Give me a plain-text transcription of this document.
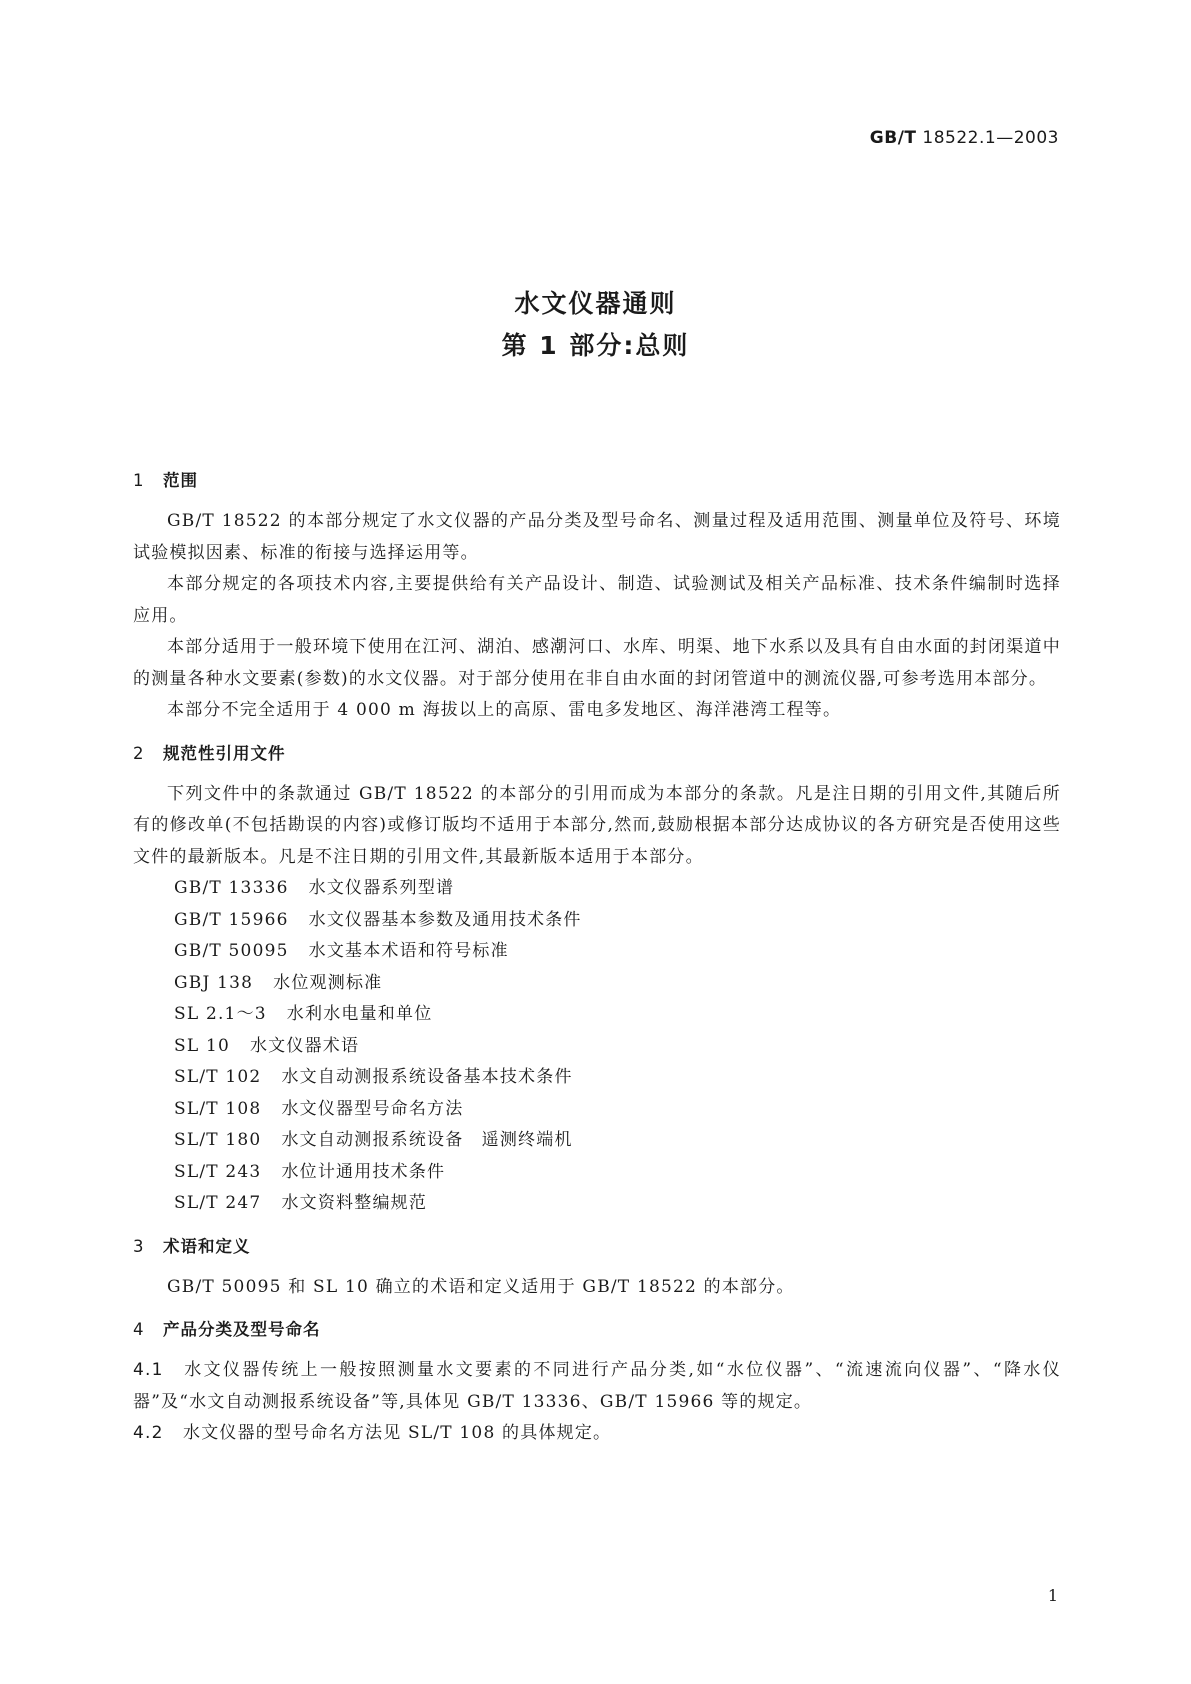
GB/T 18522.1—2003
水文仪器通则
第 1 部分:总则
1 范围

GB/T 18522 的本部分规定了水文仪器的产品分类及型号命名、测量过程及适用范围、测量单位及符号、环境试验模拟因素、标准的衔接与选择运用等。

本部分规定的各项技术内容,主要提供给有关产品设计、制造、试验测试及相关产品标准、技术条件编制时选择应用。

本部分适用于一般环境下使用在江河、湖泊、感潮河口、水库、明渠、地下水系以及具有自由水面的封闭渠道中的测量各种水文要素(参数)的水文仪器。对于部分使用在非自由水面的封闭管道中的测流仪器,可参考选用本部分。

本部分不完全适用于 4 000 m 海拔以上的高原、雷电多发地区、海洋港湾工程等。

2 规范性引用文件

下列文件中的条款通过 GB/T 18522 的本部分的引用而成为本部分的条款。凡是注日期的引用文件,其随后所有的修改单(不包括勘误的内容)或修订版均不适用于本部分,然而,鼓励根据本部分达成协议的各方研究是否使用这些文件的最新版本。凡是不注日期的引用文件,其最新版本适用于本部分。

GB/T 13336 水文仪器系列型谱
GB/T 15966 水文仪器基本参数及通用技术条件
GB/T 50095 水文基本术语和符号标准
GBJ 138 水位观测标准
SL 2.1～3 水利水电量和单位
SL 10 水文仪器术语
SL/T 102 水文自动测报系统设备基本技术条件
SL/T 108 水文仪器型号命名方法
SL/T 180 水文自动测报系统设备　遥测终端机
SL/T 243 水位计通用技术条件
SL/T 247 水文资料整编规范
3 术语和定义

GB/T 50095 和 SL 10 确立的术语和定义适用于 GB/T 18522 的本部分。

4 产品分类及型号命名

4.1 水文仪器传统上一般按照测量水文要素的不同进行产品分类,如“水位仪器”、“流速流向仪器”、“降水仪器”及“水文自动测报系统设备”等,具体见 GB/T 13336、GB/T 15966 等的规定。

4.2 水文仪器的型号命名方法见 SL/T 108 的具体规定。

1
